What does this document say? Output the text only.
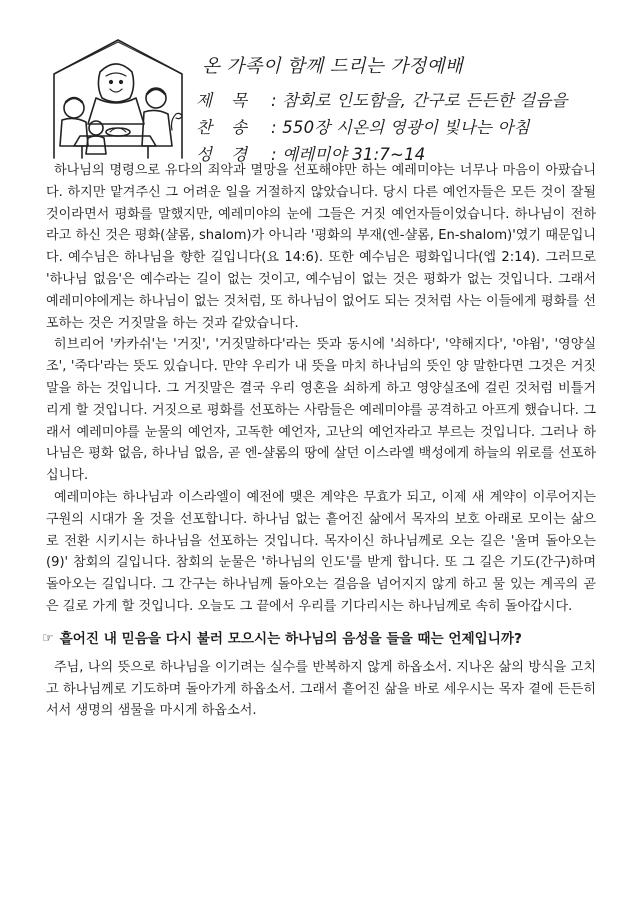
온 가족이 함께 드리는 가정예배
제 목	: 참회로 인도함을, 간구로 든든한 걸음을
찬 송	: 550장 시온의 영광이 빛나는 아침
성 경	: 예레미야 31:7~14

하나님의 명령으로 유다의 죄악과 멸망을 선포해야만 하는 예레미야는 너무나 마음이 아팠습니다. 하지만 맡겨주신 그 어려운 일을 거절하지 않았습니다. 당시 다른 예언자들은 모든 것이 잘될 것이라면서 평화를 말했지만, 예레미야의 눈에 그들은 거짓 예언자들이었습니다. 하나님이 전하라고 하신 것은 평화(샬롬, shalom)가 아니라 '평화의 부재(엔-샬롬, En-shalom)'였기 때문입니다. 예수님은 하나님을 향한 길입니다(요 14:6). 또한 예수님은 평화입니다(엡 2:14). 그러므로 '하나님 없음'은 예수라는 길이 없는 것이고, 예수님이 없는 것은 평화가 없는 것입니다. 그래서 예레미야에게는 하나님이 없는 것처럼, 또 하나님이 없어도 되는 것처럼 사는 이들에게 평화를 선포하는 것은 거짓말을 하는 것과 같았습니다.

히브리어 '카카쉬'는 '거짓', '거짓말하다'라는 뜻과 동시에 '쇠하다', '약해지다', '야윔', '영양실조', '죽다'라는 뜻도 있습니다. 만약 우리가 내 뜻을 마치 하나님의 뜻인 양 말한다면 그것은 거짓말을 하는 것입니다. 그 거짓말은 결국 우리 영혼을 쇠하게 하고 영양실조에 걸린 것처럼 비틀거리게 할 것입니다. 거짓으로 평화를 선포하는 사람들은 예레미야를 공격하고 아프게 했습니다. 그래서 예레미야를 눈물의 예언자, 고독한 예언자, 고난의 예언자라고 부르는 것입니다. 그러나 하나님은 평화 없음, 하나님 없음, 곧 엔-샬롬의 땅에 살던 이스라엘 백성에게 하늘의 위로를 선포하십니다.

예레미야는 하나님과 이스라엘이 예전에 맺은 계약은 무효가 되고, 이제 새 계약이 이루어지는 구원의 시대가 올 것을 선포합니다. 하나님 없는 흩어진 삶에서 목자의 보호 아래로 모이는 삶으로 전환 시키시는 하나님을 선포하는 것입니다. 목자이신 하나님께로 오는 길은 '울며 돌아오는(9)' 참회의 길입니다. 참회의 눈물은 '하나님의 인도'를 받게 합니다. 또 그 길은 기도(간구)하며 돌아오는 길입니다. 그 간구는 하나님께 돌아오는 걸음을 넘어지지 않게 하고 물 있는 계곡의 곧은 길로 가게 할 것입니다. 오늘도 그 끝에서 우리를 기다리시는 하나님께로 속히 돌아갑시다.

☞ 흩어진 내 믿음을 다시 불러 모으시는 하나님의 음성을 들을 때는 언제입니까?

주님, 나의 뜻으로 하나님을 이기려는 실수를 반복하지 않게 하옵소서. 지나온 삶의 방식을 고치고 하나님께로 기도하며 돌아가게 하옵소서. 그래서 흩어진 삶을 바로 세우시는 목자 곁에 든든히 서서 생명의 샘물을 마시게 하옵소서.
